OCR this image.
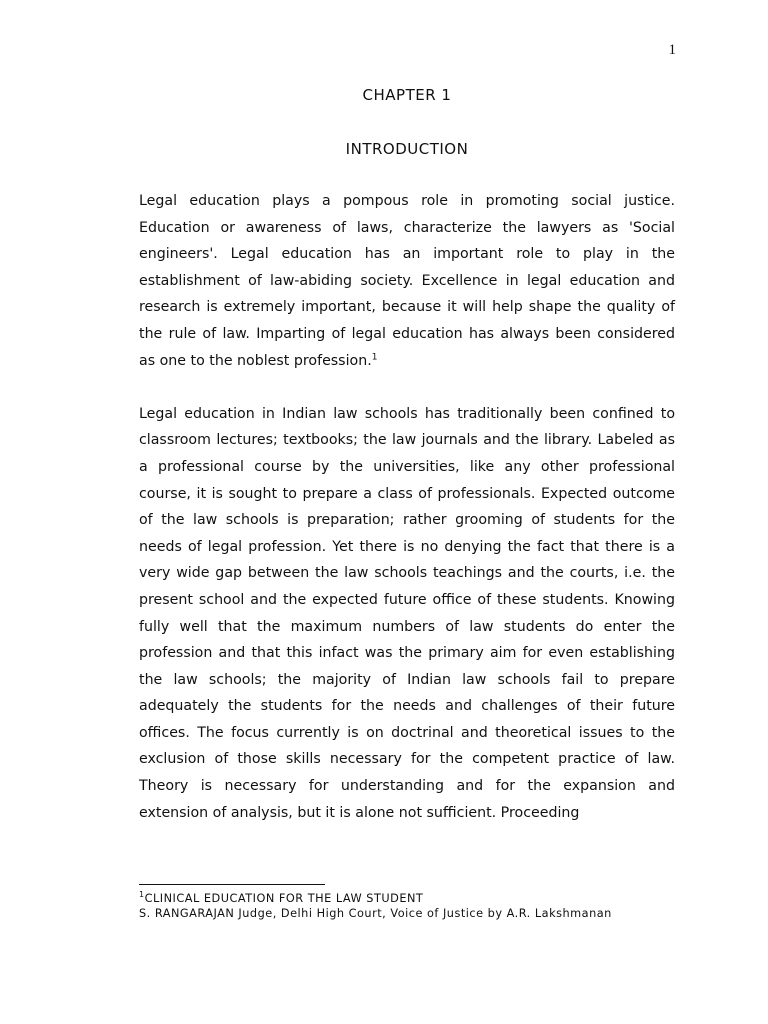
1
CHAPTER 1
INTRODUCTION

Legal education plays a pompous role in promoting social justice. Education or awareness of laws, characterize the lawyers as 'Social engineers'. Legal education has an important role to play in the establishment of law-abiding society. Excellence in legal education and research is extremely important, because it will help shape the quality of the rule of law. Imparting of legal education has always been considered as one to the noblest profession.$^1$

Legal education in Indian law schools has traditionally been confined to classroom lectures; textbooks; the law journals and the library. Labeled as a professional course by the universities, like any other professional course, it is sought to prepare a class of professionals. Expected outcome of the law schools is preparation; rather grooming of students for the needs of legal profession. Yet there is no denying the fact that there is a very wide gap between the law schools teachings and the courts, i.e. the present school and the expected future office of these students. Knowing fully well that the maximum numbers of law students do enter the profession and that this infact was the primary aim for even establishing the law schools; the majority of Indian law schools fail to prepare adequately the students for the needs and challenges of their future offices. The focus currently is on doctrinal and theoretical issues to the exclusion of those skills necessary for the competent practice of law. Theory is necessary for understanding and for the expansion and extension of analysis, but it is alone not sufficient. Proceeding

$^1$CLINICAL EDUCATION FOR THE LAW STUDENT
S. RANGARAJAN Judge, Delhi High Court, Voice of Justice by A.R. Lakshmanan
